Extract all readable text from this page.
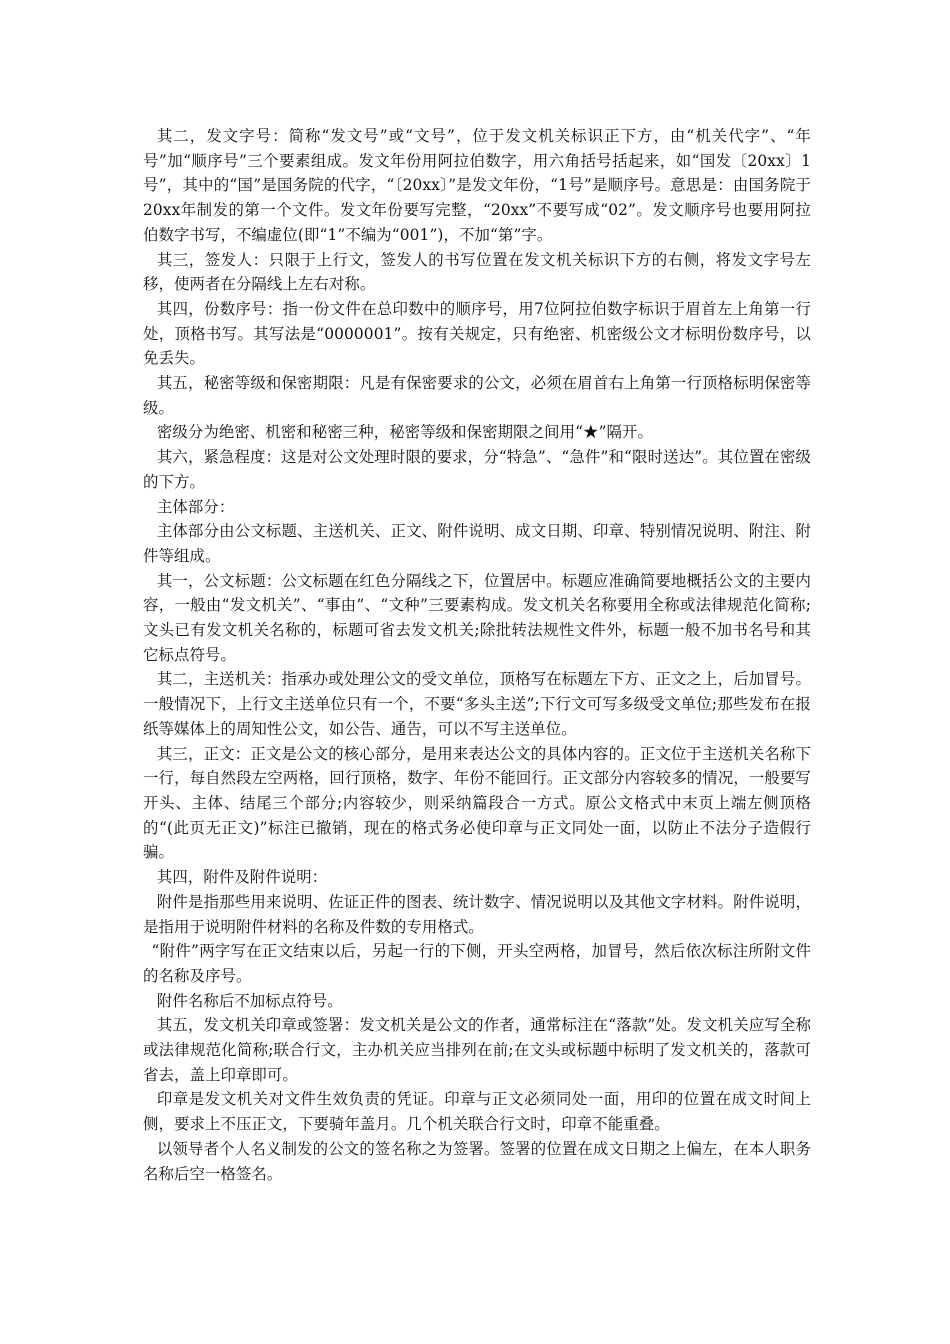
其二，发文字号：简称“发文号”或“文号”，位于发文机关标识正下方，由“机关代字”、“年号”加“顺序号”三个要素组成。发文年份用阿拉伯数字，用六角括号括起来，如“国发〔20xx〕1号”，其中的“国”是国务院的代字，“〔20xx〕”是发文年份，“1号”是顺序号。意思是：由国务院于20xx年制发的第一个文件。发文年份要写完整，“20xx”不要写成“02”。发文顺序号也要用阿拉伯数字书写，不编虚位(即“1”不编为“001”)，不加“第”字。

其三，签发人：只限于上行文，签发人的书写位置在发文机关标识下方的右侧，将发文字号左移，使两者在分隔线上左右对称。

其四，份数序号：指一份文件在总印数中的顺序号，用7位阿拉伯数字标识于眉首左上角第一行处，顶格书写。其写法是“0000001”。按有关规定，只有绝密、机密级公文才标明份数序号，以免丢失。

其五，秘密等级和保密期限：凡是有保密要求的公文，必须在眉首右上角第一行顶格标明保密等级。

密级分为绝密、机密和秘密三种，秘密等级和保密期限之间用“★”隔开。

其六，紧急程度：这是对公文处理时限的要求，分“特急”、“急件”和“限时送达”。其位置在密级的下方。

主体部分：

主体部分由公文标题、主送机关、正文、附件说明、成文日期、印章、特别情况说明、附注、附件等组成。

其一，公文标题：公文标题在红色分隔线之下，位置居中。标题应准确简要地概括公文的主要内容，一般由“发文机关”、“事由”、“文种”三要素构成。发文机关名称要用全称或法律规范化简称;文头已有发文机关名称的，标题可省去发文机关;除批转法规性文件外，标题一般不加书名号和其它标点符号。

其二，主送机关：指承办或处理公文的受文单位，顶格写在标题左下方、正文之上，后加冒号。一般情况下，上行文主送单位只有一个，不要“多头主送”;下行文可写多级受文单位;那些发布在报纸等媒体上的周知性公文，如公告、通告，可以不写主送单位。

其三，正文：正文是公文的核心部分，是用来表达公文的具体内容的。正文位于主送机关名称下一行，每自然段左空两格，回行顶格，数字、年份不能回行。正文部分内容较多的情况，一般要写开头、主体、结尾三个部分;内容较少，则采纳篇段合一方式。原公文格式中末页上端左侧顶格的“(此页无正文)”标注已撤销，现在的格式务必使印章与正文同处一面，以防止不法分子造假行骗。

其四，附件及附件说明：

附件是指那些用来说明、佐证正件的图表、统计数字、情况说明以及其他文字材料。附件说明，是指用于说明附件材料的名称及件数的专用格式。

“附件”两字写在正文结束以后，另起一行的下侧，开头空两格，加冒号，然后依次标注所附文件的名称及序号。

附件名称后不加标点符号。

其五，发文机关印章或签署：发文机关是公文的作者，通常标注在“落款”处。发文机关应写全称或法律规范化简称;联合行文，主办机关应当排列在前;在文头或标题中标明了发文机关的，落款可省去，盖上印章即可。

印章是发文机关对文件生效负责的凭证。印章与正文必须同处一面，用印的位置在成文时间上侧，要求上不压正文，下要骑年盖月。几个机关联合行文时，印章不能重叠。

以领导者个人名义制发的公文的签名称之为签署。签署的位置在成文日期之上偏左，在本人职务名称后空一格签名。
